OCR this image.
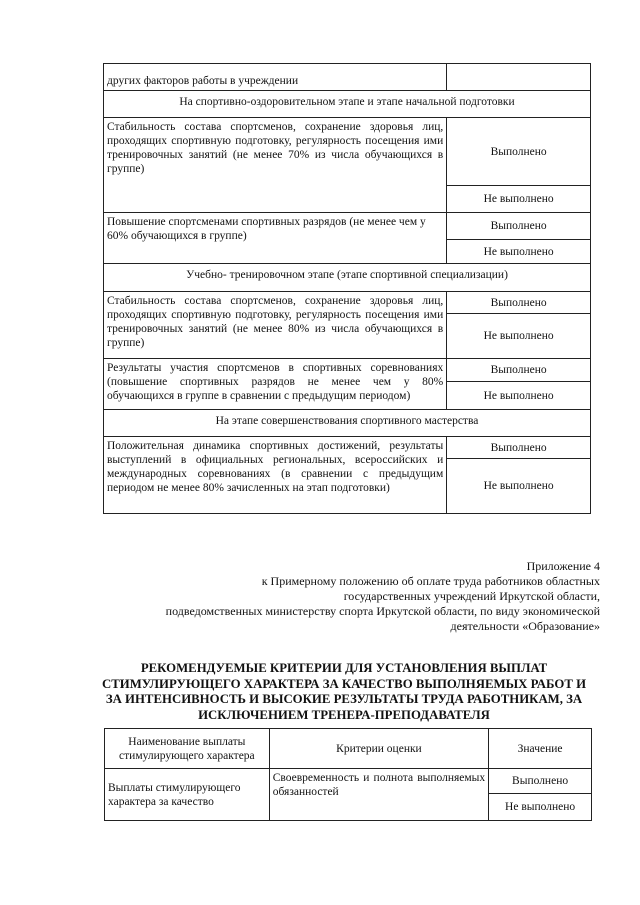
других факторов работы в учреждении	
На спортивно-оздоровительном этапе и этапе начальной подготовки	
Стабильность состава спортсменов, сохранение здоровья лиц, проходящих спортивную подготовку, регулярность посещения ими тренировочных занятий (не менее 70% из числа обучающихся в группе)	Выполнено
	Не выполнено
Повышение спортсменами спортивных разрядов (не менее чем у 60% обучающихся в группе)	Выполнено
	Не выполнено
Учебно- тренировочном этапе (этапе спортивной специализации)	
Стабильность состава спортсменов, сохранение здоровья лиц, проходящих спортивную подготовку, регулярность посещения ими тренировочных занятий (не менее 80% из числа обучающихся в группе)	Выполнено
	Не выполнено
Результаты участия спортсменов в спортивных соревнованиях (повышение спортивных разрядов не менее чем у 80% обучающихся в группе в сравнении с предыдущим периодом)	Выполнено
	Не выполнено
На этапе совершенствования спортивного мастерства	
Положительная динамика спортивных достижений, результаты выступлений в официальных региональных, всероссийских и международных соревнованиях (в сравнении с предыдущим периодом не менее 80% зачисленных на этап подготовки)	Выполнено
	Не выполнено
Приложение 4
к Примерному положению об оплате труда работников областных
государственных учреждений Иркутской области,
подведомственных министерству спорта Иркутской области, по виду экономической
деятельности «Образование»
РЕКОМЕНДУЕМЫЕ КРИТЕРИИ ДЛЯ УСТАНОВЛЕНИЯ ВЫПЛАТ
СТИМУЛИРУЮЩЕГО ХАРАКТЕРА ЗА КАЧЕСТВО ВЫПОЛНЯЕМЫХ РАБОТ И
ЗА ИНТЕНСИВНОСТЬ И ВЫСОКИЕ РЕЗУЛЬТАТЫ ТРУДА РАБОТНИКАМ, ЗА
ИСКЛЮЧЕНИЕМ ТРЕНЕРА-ПРЕПОДАВАТЕЛЯ
Наименование выплаты стимулирующего характера	Критерии оценки	Значение
Выплаты стимулирующего характера за качество	Своевременность и полнота выполняемых обязанностей	Выполнено
		Не выполнено
